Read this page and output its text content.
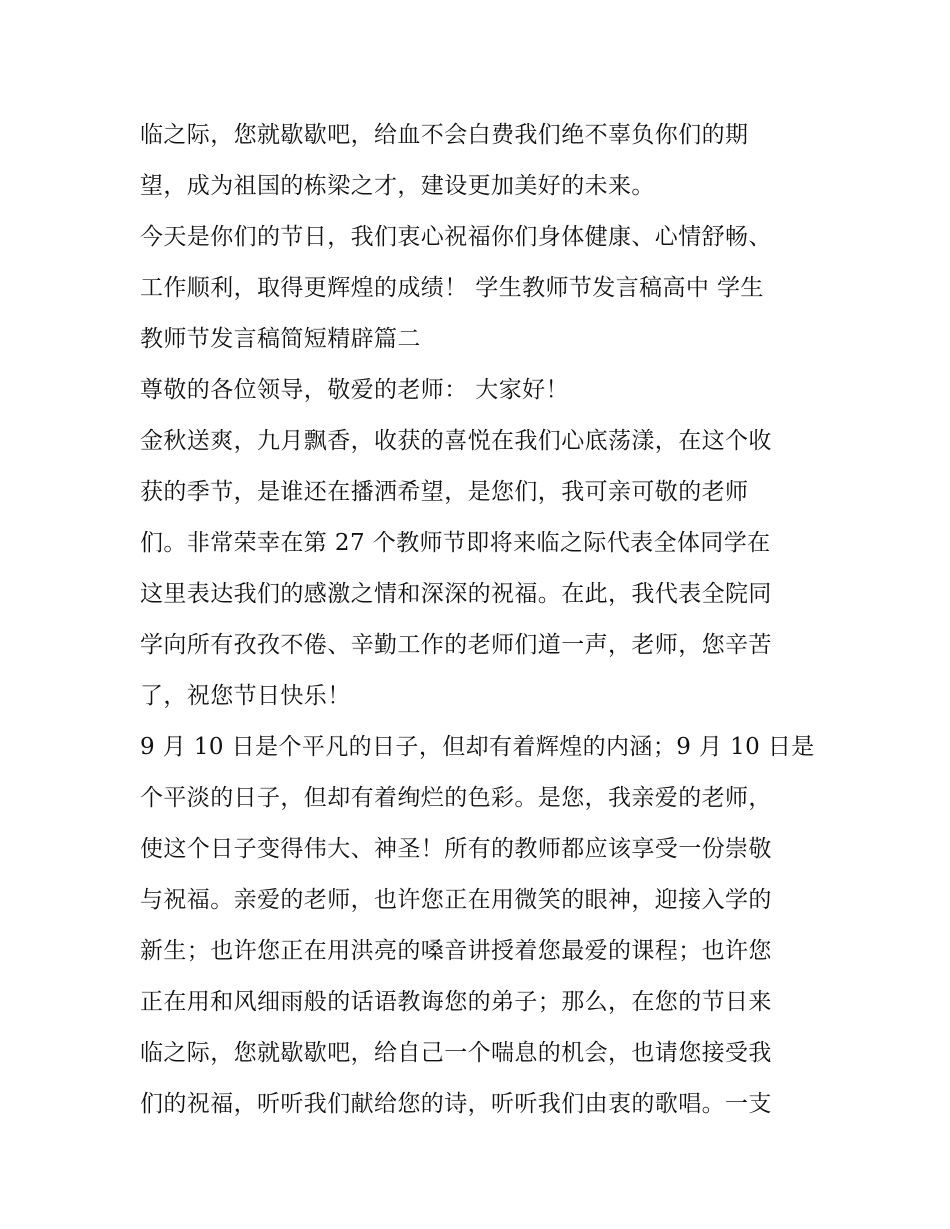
临之际，您就歇歇吧，给血不会白费我们绝不辜负你们的期
望，成为祖国的栋梁之才，建设更加美好的未来。
今天是你们的节日，我们衷心祝福你们身体健康、心情舒畅、
工作顺利，取得更辉煌的成绩！ 学生教师节发言稿高中 学生
教师节发言稿简短精辟篇二
尊敬的各位领导，敬爱的老师： 大家好！
金秋送爽，九月飘香，收获的喜悦在我们心底荡漾，在这个收
获的季节，是谁还在播洒希望，是您们，我可亲可敬的老师
们。非常荣幸在第 27 个教师节即将来临之际代表全体同学在
这里表达我们的感激之情和深深的祝福。在此，我代表全院同
学向所有孜孜不倦、辛勤工作的老师们道一声，老师，您辛苦
了，祝您节日快乐！
9 月 10 日是个平凡的日子，但却有着辉煌的内涵；9 月 10 日是
个平淡的日子，但却有着绚烂的色彩。是您，我亲爱的老师，
使这个日子变得伟大、神圣！所有的教师都应该享受一份崇敬
与祝福。亲爱的老师，也许您正在用微笑的眼神，迎接入学的
新生；也许您正在用洪亮的嗓音讲授着您最爱的课程；也许您
正在用和风细雨般的话语教诲您的弟子；那么，在您的节日来
临之际，您就歇歇吧，给自己一个喘息的机会，也请您接受我
们的祝福，听听我们献给您的诗，听听我们由衷的歌唱。一支
